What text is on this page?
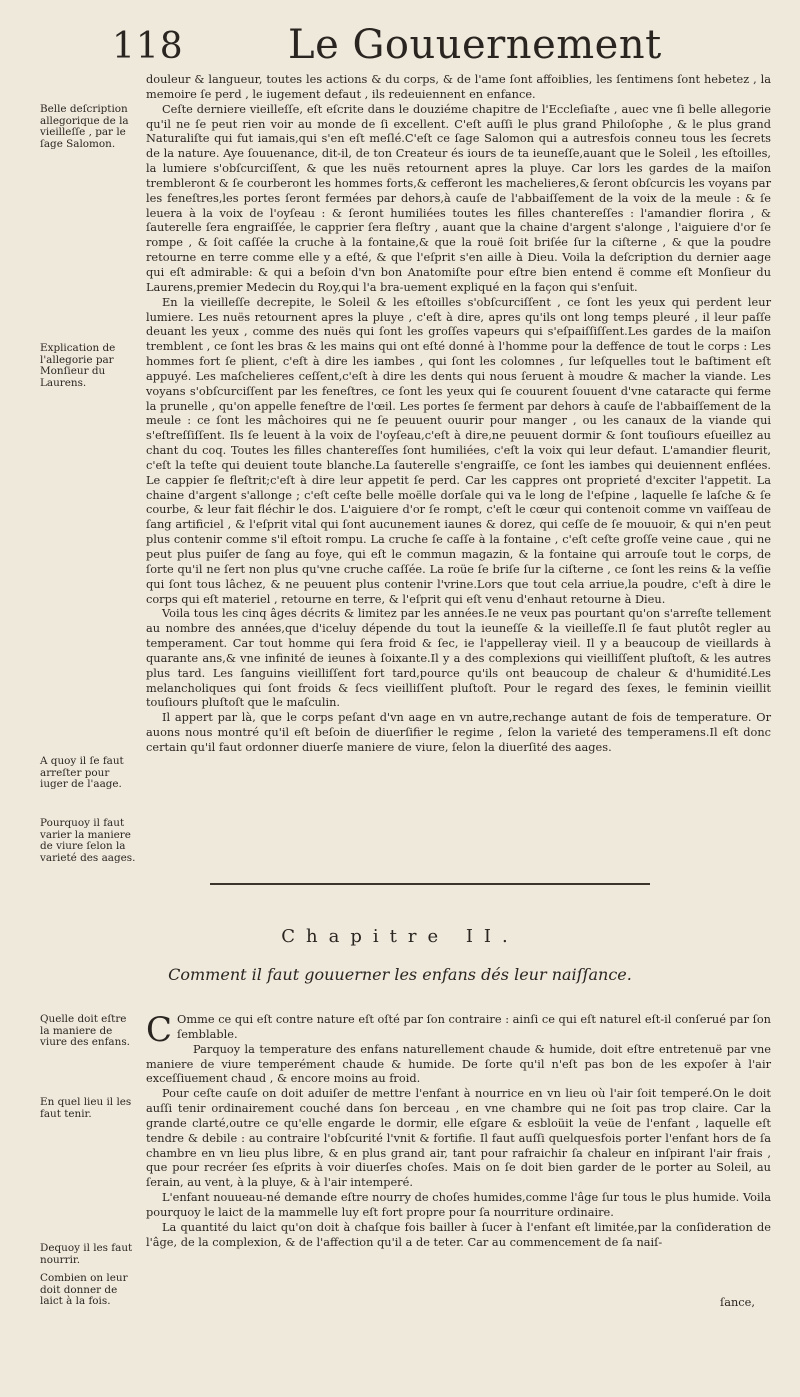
118	Le Gouuernement
Belle deſcription allegorique de la vieilleſſe , par le ſage Salomon.
Explication de l'allegorie par Monſieur du Laurens.
A quoy il ſe faut arreſter pour iuger de l'aage.
Pourquoy il faut varier la maniere de viure ſelon la varieté des aages.
Quelle doit eſtre la maniere de viure des enfans.
En quel lieu il les faut tenir.
Dequoy il les faut nourrir.
Combien on leur doit donner de laict à la fois.

douleur & langueur, toutes les actions & du corps, & de l'ame ſont affoiblies, les ſentimens ſont hebetez , la memoire ſe perd , le iugement defaut , ils redeuiennent en enfance.

Ceſte derniere vieilleſſe, eſt eſcrite dans le douziéme chapitre de l'Eccleſiaſte , auec vne ſi belle allegorie qu'il ne ſe peut rien voir au monde de ſi excellent. C'eſt auſſi le plus grand Philoſophe , & le plus grand Naturaliſte qui fut iamais,qui s'en eſt meſlé.C'eſt ce ſage Salomon qui a autresfois conneu tous les ſecrets de la nature. Aye ſouuenance, dit-il, de ton Createur és iours de ta ieuneſſe,auant que le Soleil , les eſtoilles, la lumiere s'obſcurciſſent, & que les nuës retournent apres la pluye. Car lors les gardes de la maiſon trembleront & ſe courberont les hommes forts,& cefferont les machelieres,& ſeront obſcurcis les voyans par les feneſtres,les portes ſeront fermées par dehors,à cauſe de l'abbaiſſement de la voix de la meule : & ſe leuera à la voix de l'oyſeau : & ſeront humiliées toutes les filles chantereſſes : l'amandier florira , & ſauterelle ſera engraiſſée, le capprier ſera fleſtry , auant que la chaine d'argent s'alonge , l'aiguiere d'or ſe rompe , & ſoit caſſée la cruche à la fontaine,& que la rouë ſoit briſée ſur la ciſterne , & que la poudre retourne en terre comme elle y a eſté, & que l'eſprit s'en aille à Dieu. Voila la deſcription du dernier aage qui eſt admirable: & qui a beſoin d'vn bon Anatomiſte pour eſtre bien entend ë comme eſt Monſieur du Laurens,premier Medecin du Roy,qui l'a bra-uement expliqué en la façon qui s'enſuit.

En la vieilleſſe decrepite, le Soleil & les eſtoilles s'obſcurciſſent , ce ſont les yeux qui perdent leur lumiere. Les nuës retournent apres la pluye , c'eſt à dire, apres qu'ils ont long temps pleuré , il leur paſſe deuant les yeux , comme des nuës qui ſont les groſſes vapeurs qui s'eſpaiſſiſſent.Les gardes de la maiſon tremblent , ce ſont les bras & les mains qui ont eſté donné à l'homme pour la deffence de tout le corps : Les hommes fort ſe plient, c'eſt à dire les iambes , qui ſont les colomnes , ſur leſquelles tout le baſtiment eſt appuyé. Les maſchelieres ceſſent,c'eſt à dire les dents qui nous ſeruent à moudre & macher la viande. Les voyans s'obſcurciſſent par les feneſtres, ce ſont les yeux qui ſe couurent ſouuent d'vne cataracte qui ferme la prunelle , qu'on appelle feneſtre de l'œil. Les portes ſe ferment par dehors à cauſe de l'abbaiſſement de la meule : ce ſont les mâchoires qui ne ſe peuuent ouurir pour manger , ou les canaux de la viande qui s'eſtreſſiſſent. Ils ſe leuent à la voix de l'oyſeau,c'eſt à dire,ne peuuent dormir & ſont touſiours eſueillez au chant du coq. Toutes les filles chantereſſes ſont humiliées, c'eſt la voix qui leur defaut. L'amandier fleurit, c'eſt la teſte qui deuient toute blanche.La ſauterelle s'engraiſſe, ce ſont les iambes qui deuiennent enflées. Le cappier ſe fleſtrit;c'eſt à dire leur appetit ſe perd. Car les cappres ont proprieté d'exciter l'appetit. La chaine d'argent s'allonge ; c'eſt ceſte belle moëlle dorſale qui va le long de l'eſpine , laquelle ſe laſche & ſe courbe, & leur fait fléchir le dos. L'aiguiere d'or ſe rompt, c'eſt le cœur qui contenoit comme vn vaiſſeau de ſang artificiel , & l'eſprit vital qui ſont aucunement iaunes & dorez, qui ceſſe de ſe mouuoir, & qui n'en peut plus contenir comme s'il eſtoit rompu. La cruche ſe caſſe à la fontaine , c'eſt ceſte groſſe veine caue , qui ne peut plus puiſer de ſang au foye, qui eſt le commun magazin, & la fontaine qui arrouſe tout le corps, de ſorte qu'il ne ſert non plus qu'vne cruche caſſée. La roüe ſe briſe ſur la ciſterne , ce ſont les reins & la veſſie qui ſont tous lâchez, & ne peuuent plus contenir l'vrine.Lors que tout cela arriue,la poudre, c'eſt à dire le corps qui eſt materiel , retourne en terre, & l'eſprit qui eſt venu d'enhaut retourne à Dieu.

Voila tous les cinq âges décrits & limitez par les années.Ie ne veux pas pourtant qu'on s'arreſte tellement au nombre des années,que d'iceluy dépende du tout la ieuneſſe & la vieilleſſe.Il ſe faut plutôt regler au temperament. Car tout homme qui ſera froid & ſec, ie l'appelleray vieil. Il y a beaucoup de vieillards à quarante ans,& vne infinité de ieunes à ſoixante.Il y a des complexions qui vieilliſſent pluſtoſt, & les autres plus tard. Les ſanguins vieilliſſent fort tard,pource qu'ils ont beaucoup de chaleur & d'humidité.Les melancholiques qui ſont froids & ſecs vieilliſſent pluſtoſt. Pour le regard des ſexes, le feminin vieillit touſiours pluſtoſt que le maſculin.

Il appert par là, que le corps peſant d'vn aage en vn autre,rechange autant de fois de temperature. Or auons nous montré qu'il eſt beſoin de diuerſifier le regime , ſelon la varieté des temperamens.Il eſt donc certain qu'il faut ordonner diuerſe maniere de viure, ſelon la diuerſité des aages.

Chapitre II.
Comment il faut gouuerner les enfans dés leur naiſſance.

C Omme ce qui eſt contre nature eſt oſté par ſon contraire : ainſi ce qui eſt naturel eſt-il conſerué par ſon ſemblable.

Parquoy la temperature des enfans naturellement chaude & humide, doit eſtre entretenuë par vne maniere de viure temperément chaude & humide. De ſorte qu'il n'eſt pas bon de les expoſer à l'air exceſſiuement chaud , & encore moins au froid.

Pour ceſte cauſe on doit aduiſer de mettre l'enfant à nourrice en vn lieu où l'air ſoit temperé.On le doit auſſi tenir ordinairement couché dans ſon berceau , en vne chambre qui ne ſoit pas trop claire. Car la grande clarté,outre ce qu'elle engarde le dormir, elle eſgare & esbloüit la veüe de l'enfant , laquelle eſt tendre & debile : au contraire l'obſcurité l'vnit & fortifie. Il faut auſſi quelquesfois porter l'enfant hors de ſa chambre en vn lieu plus libre, & en plus grand air, tant pour rafraichir ſa chaleur en inſpirant l'air frais , que pour recréer ſes eſprits à voir diuerſes choſes. Mais on ſe doit bien garder de le porter au Soleil, au ſerain, au vent, à la pluye, & à l'air intemperé.

L'enfant nouueau-né demande eſtre nourry de choſes humides,comme l'âge ſur tous le plus humide. Voila pourquoy le laict de la mammelle luy eſt fort propre pour ſa nourriture ordinaire.

La quantité du laict qu'on doit à chaſque fois bailler à ſucer à l'enfant eſt limitée,par la conſideration de l'âge, de la complexion, & de l'affection qu'il a de teter. Car au commencement de ſa naiſ-

ſance,
